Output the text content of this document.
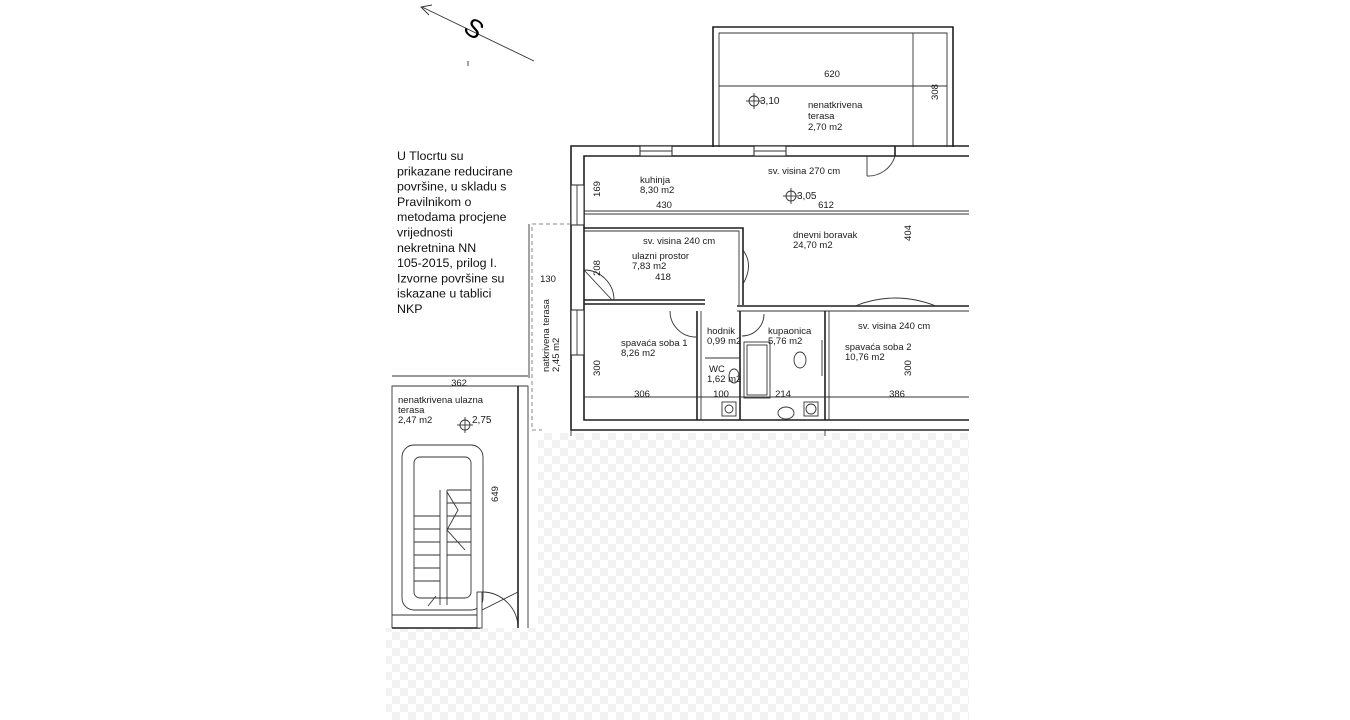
S
U Tlocrtu su prikazane reducirane površine, u skladu s Pravilnikom o metodama procjene vrijednosti nekretnina NN 105-2015, prilog I. Izvorne površine su iskazane u tablici NKP
3,10	nenatkrivena
terasa
2,70 m2
kuhinja
8,30 m2
sv. visina 270 cm
3,05
dnevni boravak
24,70 m2
sv. visina 240 cm
ulazni prostor
7,83 m2
natkrivena terasa 2,45 m2	spavaća soba 1
8,26 m2
hodnik
0,99 m2
WC
1,62 m2
kupaonica
5,76 m2
sv. visina 240 cm
spavaća soba 2
10,76 m2
nenatkrivena ulazna
terasa
2,47 m2	2,75
620
308
430	612
169
404
418
208
130
306
300
100	214	386
300
362
649
